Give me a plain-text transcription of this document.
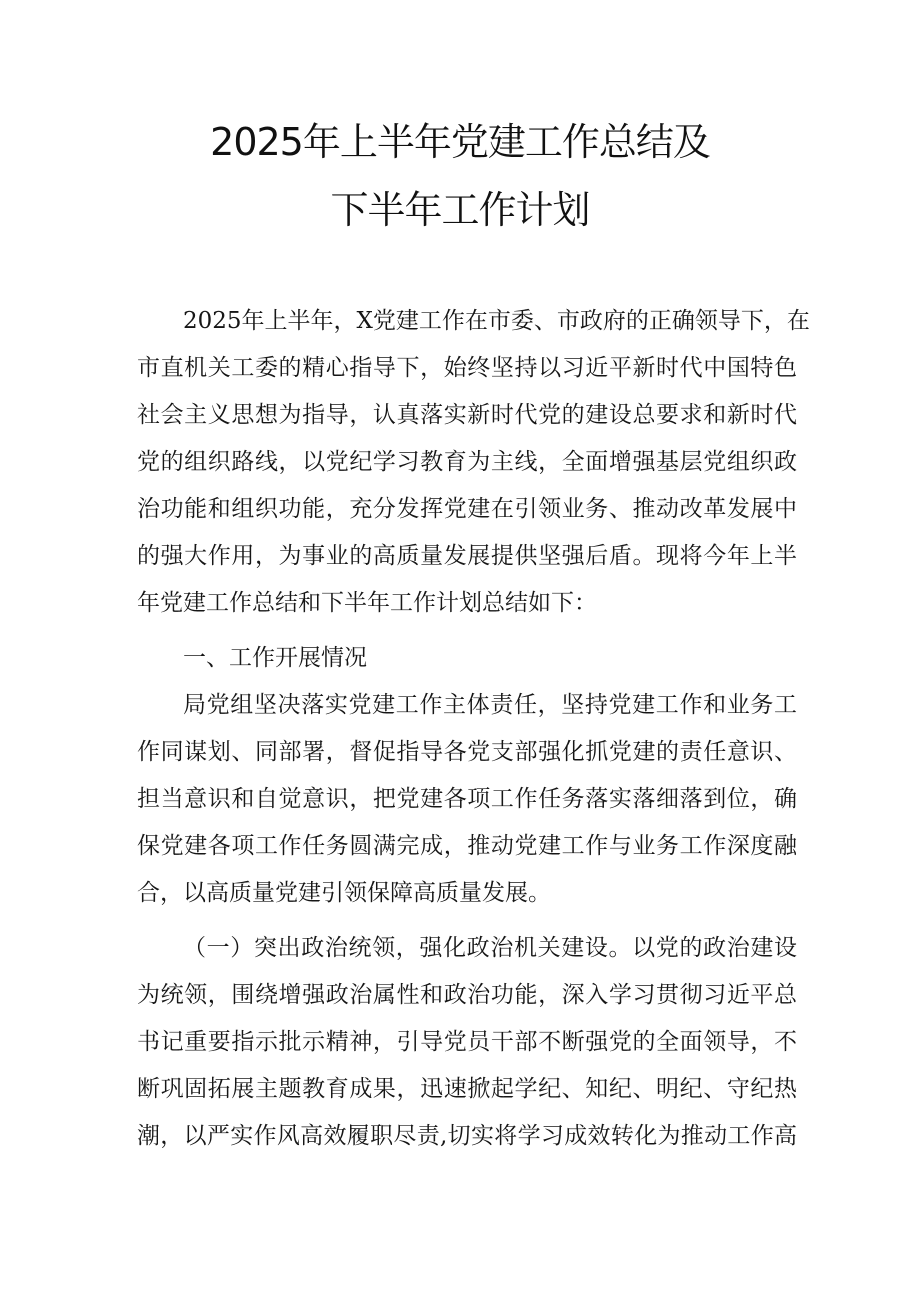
2025年上半年党建工作总结及
下半年工作计划
2025年上半年，X党建工作在市委、市政府的正确领导下，在
市直机关工委的精心指导下，始终坚持以习近平新时代中国特色
社会主义思想为指导，认真落实新时代党的建设总要求和新时代
党的组织路线，以党纪学习教育为主线，全面增强基层党组织政
治功能和组织功能，充分发挥党建在引领业务、推动改革发展中
的强大作用，为事业的高质量发展提供坚强后盾。现将今年上半
年党建工作总结和下半年工作计划总结如下：
一、工作开展情况
局党组坚决落实党建工作主体责任，坚持党建工作和业务工
作同谋划、同部署，督促指导各党支部强化抓党建的责任意识、
担当意识和自觉意识，把党建各项工作任务落实落细落到位，确
保党建各项工作任务圆满完成，推动党建工作与业务工作深度融
合，以高质量党建引领保障高质量发展。
（一）突出政治统领，强化政治机关建设。以党的政治建设
为统领，围绕增强政治属性和政治功能，深入学习贯彻习近平总
书记重要指示批示精神，引导党员干部不断强党的全面领导，不
断巩固拓展主题教育成果，迅速掀起学纪、知纪、明纪、守纪热
潮，以严实作风高效履职尽责,切实将学习成效转化为推动工作高
